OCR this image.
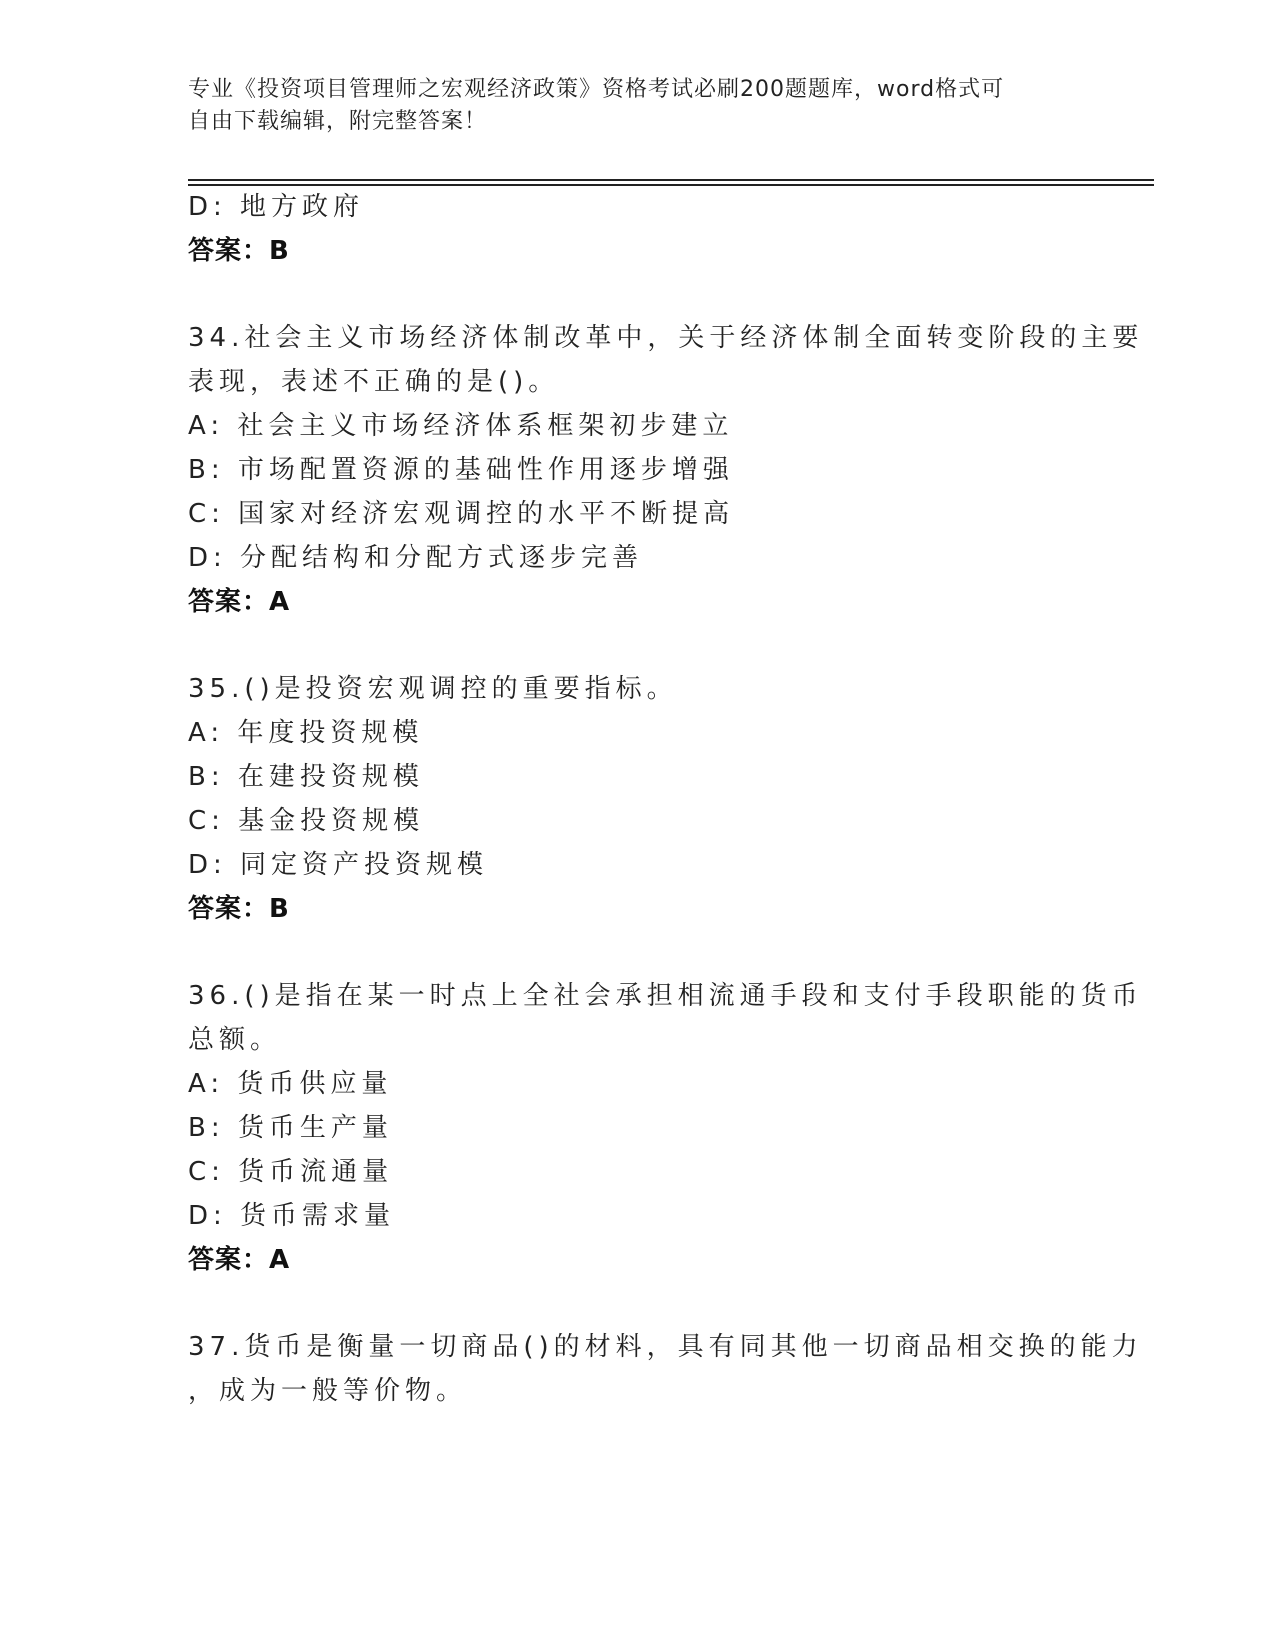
专业《投资项目管理师之宏观经济政策》资格考试必刷200题题库，word格式可
自由下载编辑，附完整答案！
D: 地方政府
答案：B
34.社会主义市场经济体制改革中，关于经济体制全面转变阶段的主要
表现，表述不正确的是()。
A: 社会主义市场经济体系框架初步建立
B: 市场配置资源的基础性作用逐步增强
C: 国家对经济宏观调控的水平不断提高
D: 分配结构和分配方式逐步完善
答案：A
35.()是投资宏观调控的重要指标。
A: 年度投资规模
B: 在建投资规模
C: 基金投资规模
D: 同定资产投资规模
答案：B
36.()是指在某一时点上全社会承担相流通手段和支付手段职能的货币
总额。
A: 货币供应量
B: 货币生产量
C: 货币流通量
D: 货币需求量
答案：A
37.货币是衡量一切商品()的材料，具有同其他一切商品相交换的能力
，成为一般等价物。
